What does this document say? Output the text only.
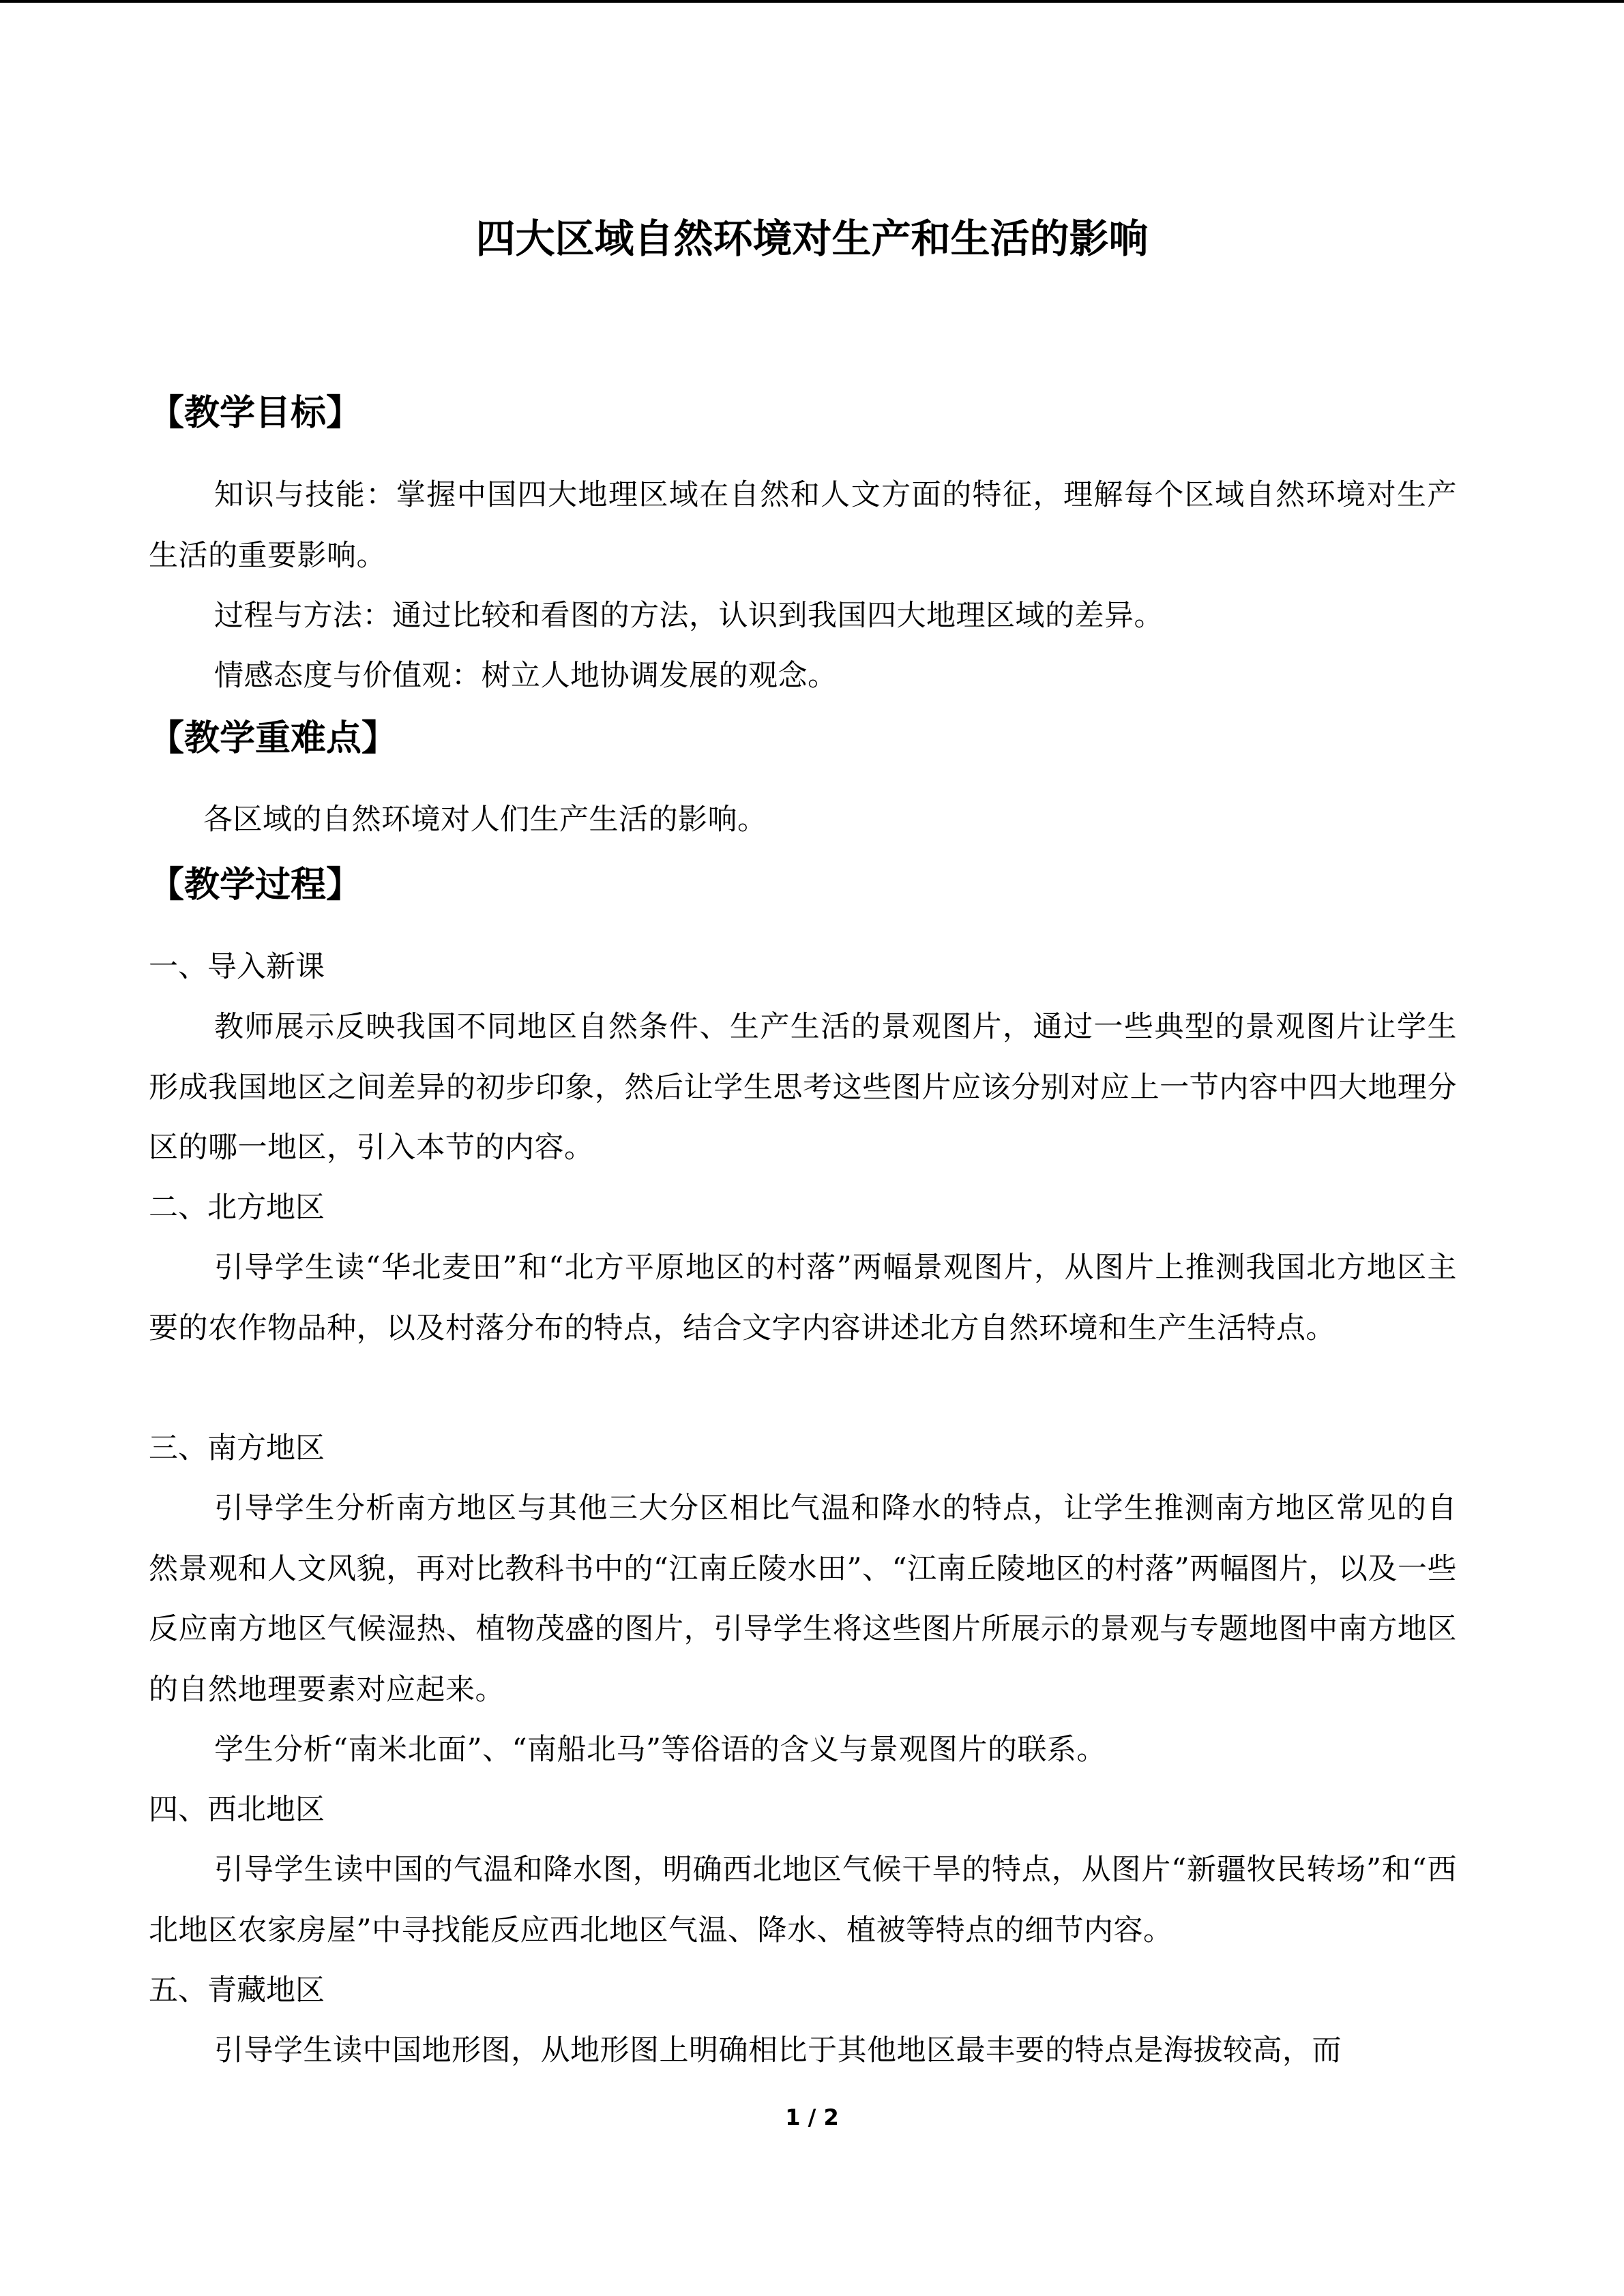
四大区域自然环境对生产和生活的影响
【教学目标】

知识与技能：掌握中国四大地理区域在自然和人文方面的特征，理解每个区域自然环境对生产生活的重要影响。

过程与方法：通过比较和看图的方法，认识到我国四大地理区域的差异。

情感态度与价值观：树立人地协调发展的观念。

【教学重难点】

各区域的自然环境对人们生产生活的影响。

【教学过程】

一、导入新课

教师展示反映我国不同地区自然条件、生产生活的景观图片，通过一些典型的景观图片让学生形成我国地区之间差异的初步印象，然后让学生思考这些图片应该分别对应上一节内容中四大地理分区的哪一地区，引入本节的内容。

二、北方地区

引导学生读“华北麦田”和“北方平原地区的村落”两幅景观图片，从图片上推测我国北方地区主要的农作物品种，以及村落分布的特点，结合文字内容讲述北方自然环境和生产生活特点。

三、南方地区

引导学生分析南方地区与其他三大分区相比气温和降水的特点，让学生推测南方地区常见的自然景观和人文风貌，再对比教科书中的“江南丘陵水田”、“江南丘陵地区的村落”两幅图片，以及一些反应南方地区气候湿热、植物茂盛的图片，引导学生将这些图片所展示的景观与专题地图中南方地区的自然地理要素对应起来。

学生分析“南米北面”、“南船北马”等俗语的含义与景观图片的联系。

四、西北地区

引导学生读中国的气温和降水图，明确西北地区气候干旱的特点，从图片“新疆牧民转场”和“西北地区农家房屋”中寻找能反应西北地区气温、降水、植被等特点的细节内容。

五、青藏地区

引导学生读中国地形图，从地形图上明确相比于其他地区最丰要的特点是海拔较高，而

1 / 2
